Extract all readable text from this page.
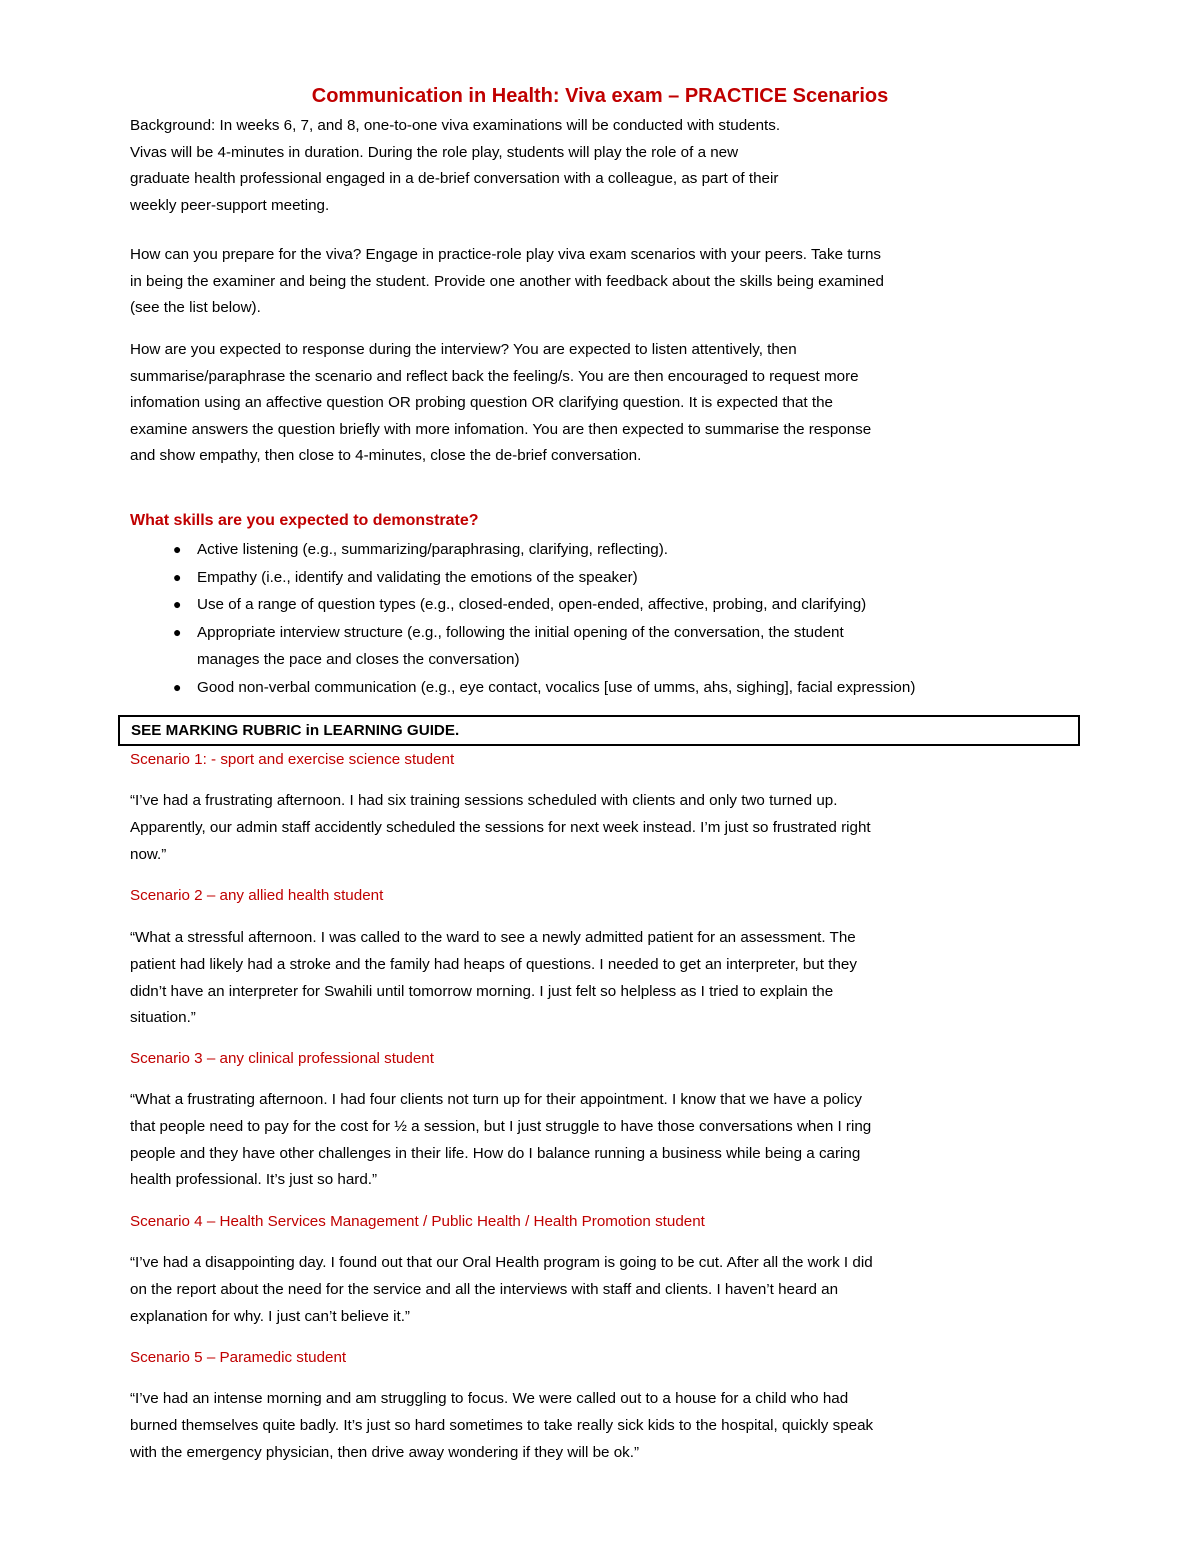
Communication in Health: Viva exam – PRACTICE Scenarios
Background: In weeks 6, 7, and 8, one-to-one viva examinations will be conducted with students.
Vivas will be 4-minutes in duration. During the role play, students will play the role of a new
graduate health professional engaged in a de-brief conversation with a colleague, as part of their
weekly peer-support meeting.
How can you prepare for the viva? Engage in practice-role play viva exam scenarios with your peers. Take turns
in being the examiner and being the student. Provide one another with feedback about the skills being examined
(see the list below).
How are you expected to response during the interview? You are expected to listen attentively, then
summarise/paraphrase the scenario and reflect back the feeling/s. You are then encouraged to request more
infomation using an affective question OR probing question OR clarifying question. It is expected that the
examine answers the question briefly with more infomation. You are then expected to summarise the response
and show empathy, then close to 4-minutes, close the de-brief conversation.
What skills are you expected to demonstrate?
● Active listening (e.g., summarizing/paraphrasing, clarifying, reflecting).
● Empathy (i.e., identify and validating the emotions of the speaker)
● Use of a range of question types (e.g., closed-ended, open-ended, affective, probing, and clarifying)
● Appropriate interview structure (e.g., following the initial opening of the conversation, the student
manages the pace and closes the conversation)
● Good non-verbal communication (e.g., eye contact, vocalics [use of umms, ahs, sighing], facial expression)
SEE MARKING RUBRIC in LEARNING GUIDE.
Scenario 1: - sport and exercise science student
“I’ve had a frustrating afternoon. I had six training sessions scheduled with clients and only two turned up.
Apparently, our admin staff accidently scheduled the sessions for next week instead. I’m just so frustrated right
now.”
Scenario 2 – any allied health student
“What a stressful afternoon. I was called to the ward to see a newly admitted patient for an assessment. The
patient had likely had a stroke and the family had heaps of questions. I needed to get an interpreter, but they
didn’t have an interpreter for Swahili until tomorrow morning. I just felt so helpless as I tried to explain the
situation.”
Scenario 3 – any clinical professional student
“What a frustrating afternoon. I had four clients not turn up for their appointment. I know that we have a policy
that people need to pay for the cost for ½ a session, but I just struggle to have those conversations when I ring
people and they have other challenges in their life. How do I balance running a business while being a caring
health professional. It’s just so hard.”
Scenario 4 – Health Services Management / Public Health / Health Promotion student
“I’ve had a disappointing day. I found out that our Oral Health program is going to be cut. After all the work I did
on the report about the need for the service and all the interviews with staff and clients. I haven’t heard an
explanation for why. I just can’t believe it.”
Scenario 5 – Paramedic student
“I’ve had an intense morning and am struggling to focus. We were called out to a house for a child who had
burned themselves quite badly. It’s just so hard sometimes to take really sick kids to the hospital, quickly speak
with the emergency physician, then drive away wondering if they will be ok.”
